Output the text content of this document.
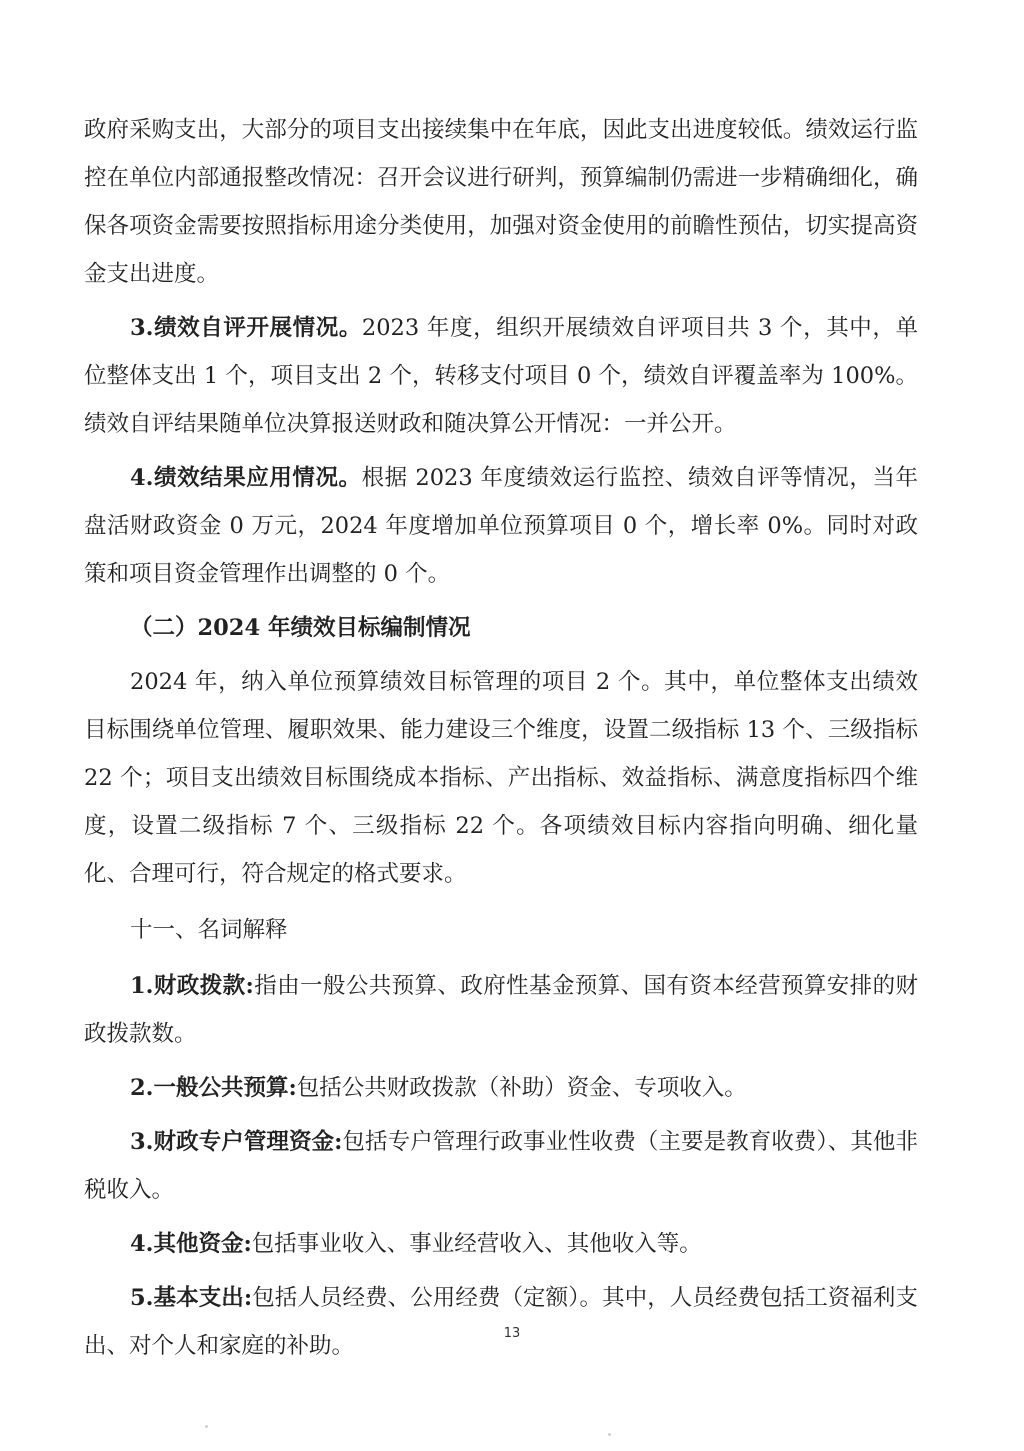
政府采购支出，大部分的项目支出接续集中在年底，因此支出进度较低。绩效运行监控在单位内部通报整改情况：召开会议进行研判，预算编制仍需进一步精确细化，确保各项资金需要按照指标用途分类使用，加强对资金使用的前瞻性预估，切实提高资金支出进度。

3.绩效自评开展情况。2023 年度，组织开展绩效自评项目共 3 个，其中，单位整体支出 1 个，项目支出 2 个，转移支付项目 0 个，绩效自评覆盖率为 100%。绩效自评结果随单位决算报送财政和随决算公开情况：一并公开。

4.绩效结果应用情况。根据 2023 年度绩效运行监控、绩效自评等情况，当年盘活财政资金 0 万元，2024 年度增加单位预算项目 0 个，增长率 0%。同时对政策和项目资金管理作出调整的 0 个。

（二）2024 年绩效目标编制情况

2024 年，纳入单位预算绩效目标管理的项目 2 个。其中，单位整体支出绩效目标围绕单位管理、履职效果、能力建设三个维度，设置二级指标 13 个、三级指标 22 个；项目支出绩效目标围绕成本指标、产出指标、效益指标、满意度指标四个维度，设置二级指标 7 个、三级指标 22 个。各项绩效目标内容指向明确、细化量化、合理可行，符合规定的格式要求。

十一、名词解释

1.财政拨款:指由一般公共预算、政府性基金预算、国有资本经营预算安排的财政拨款数。

2.一般公共预算:包括公共财政拨款（补助）资金、专项收入。

3.财政专户管理资金:包括专户管理行政事业性收费（主要是教育收费）、其他非税收入。

4.其他资金:包括事业收入、事业经营收入、其他收入等。

5.基本支出:包括人员经费、公用经费（定额）。其中，人员经费包括工资福利支出、对个人和家庭的补助。	13
